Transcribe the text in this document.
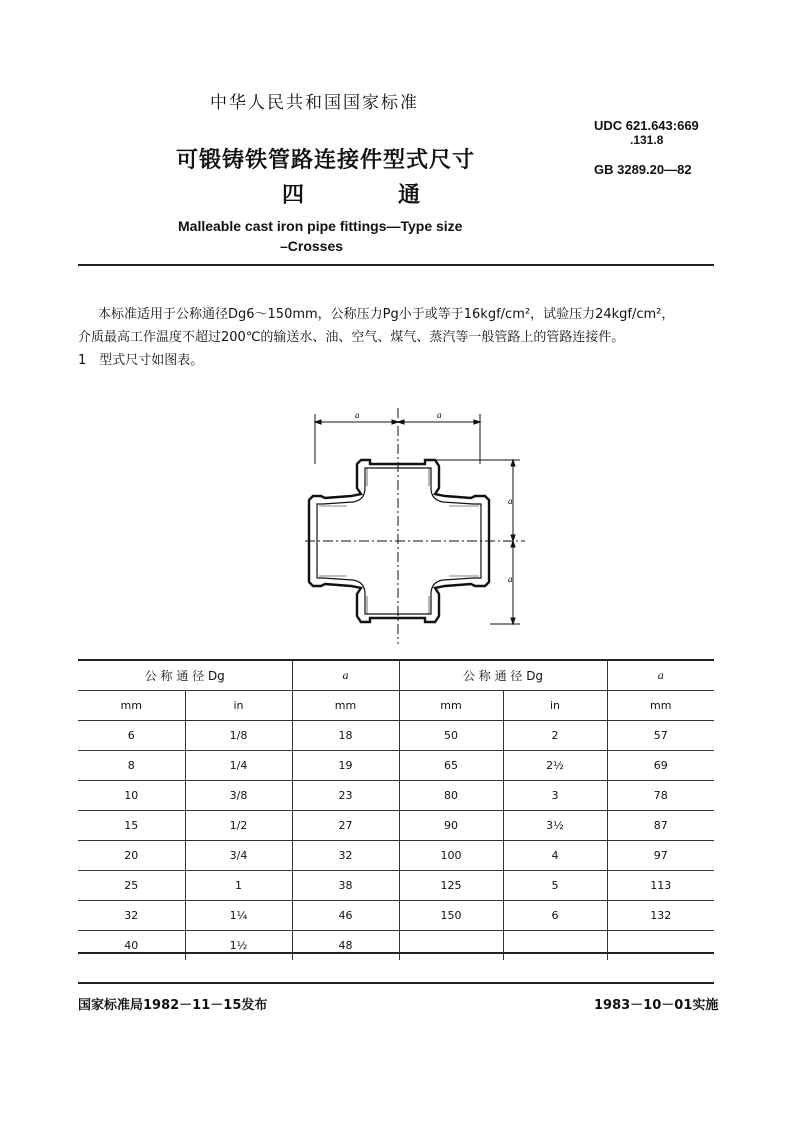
中华人民共和国国家标准
可锻铸铁管路连接件型式尺寸
四　通
Malleable cast iron pipe fittings—Type size
–Crosses
UDC 621.643:669
.131.8
GB 3289.20—82
本标准适用于公称通径Dg6～150mm，公称压力Pg小于或等于16kgf/cm²，试验压力24kgf/cm²，
介质最高工作温度不超过200℃的输送水、油、空气、煤气、蒸汽等一般管路上的管路连接件。
1　型式尺寸如图表。
a	a
a
a
公 称 通 径 Dg		a	公 称 通 径 Dg		a
mm	in	mm	mm	in	mm
6	1/8	18	50	2	57
8	1/4	19	65	2½	69
10	3/8	23	80	3	78
15	1/2	27	90	3½	87
20	3/4	32	100	4	97
25	1	38	125	5	113
32	1¼	46	150	6	132
40	1½	48			
国家标准局1982－11－15发布	1983－10－01实施
